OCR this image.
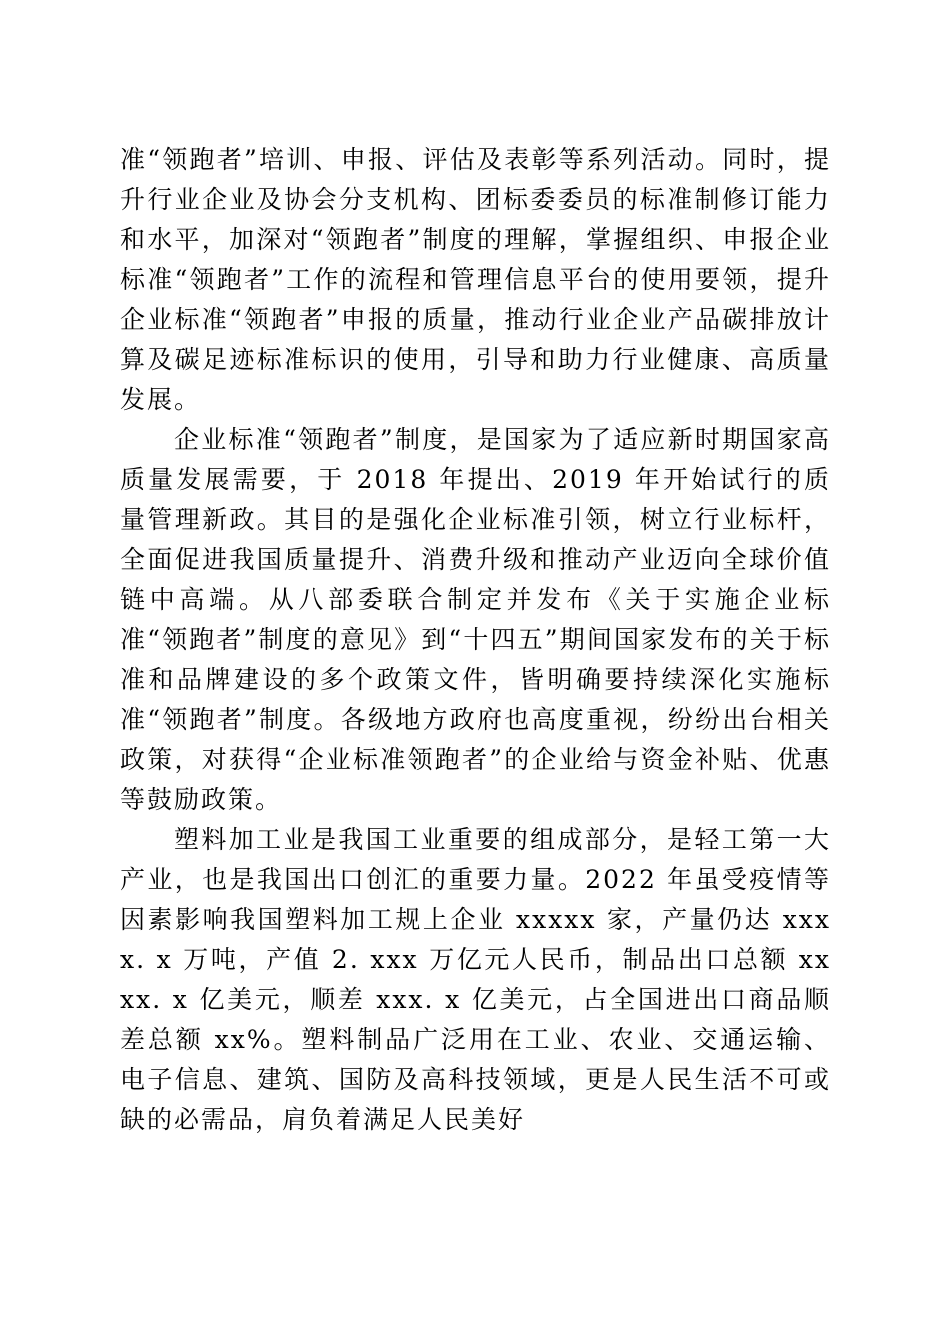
准“领跑者”培训、申报、评估及表彰等系列活动。同时，提升行业企业及协会分支机构、团标委委员的标准制修订能力和水平，加深对“领跑者”制度的理解，掌握组织、申报企业标准“领跑者”工作的流程和管理信息平台的使用要领，提升企业标准“领跑者”申报的质量，推动行业企业产品碳排放计算及碳足迹标准标识的使用，引导和助力行业健康、高质量发展。

企业标准“领跑者”制度，是国家为了适应新时期国家高质量发展需要，于 2018 年提出、2019 年开始试行的质量管理新政。其目的是强化企业标准引领，树立行业标杆，全面促进我国质量提升、消费升级和推动产业迈向全球价值链中高端。从八部委联合制定并发布《关于实施企业标准“领跑者”制度的意见》到“十四五”期间国家发布的关于标准和品牌建设的多个政策文件，皆明确要持续深化实施标准“领跑者”制度。各级地方政府也高度重视，纷纷出台相关政策，对获得“企业标准领跑者”的企业给与资金补贴、优惠等鼓励政策。

塑料加工业是我国工业重要的组成部分，是轻工第一大产业，也是我国出口创汇的重要力量。2022 年虽受疫情等因素影响我国塑料加工规上企业 xxxxx 家，产量仍达 xxxx. x 万吨，产值 2. xxx 万亿元人民币，制品出口总额 xxxx. x 亿美元，顺差 xxx. x 亿美元，占全国进出口商品顺差总额 xx%。塑料制品广泛用在工业、农业、交通运输、电子信息、建筑、国防及高科技领域，更是人民生活不可或缺的必需品，肩负着满足人民美好
